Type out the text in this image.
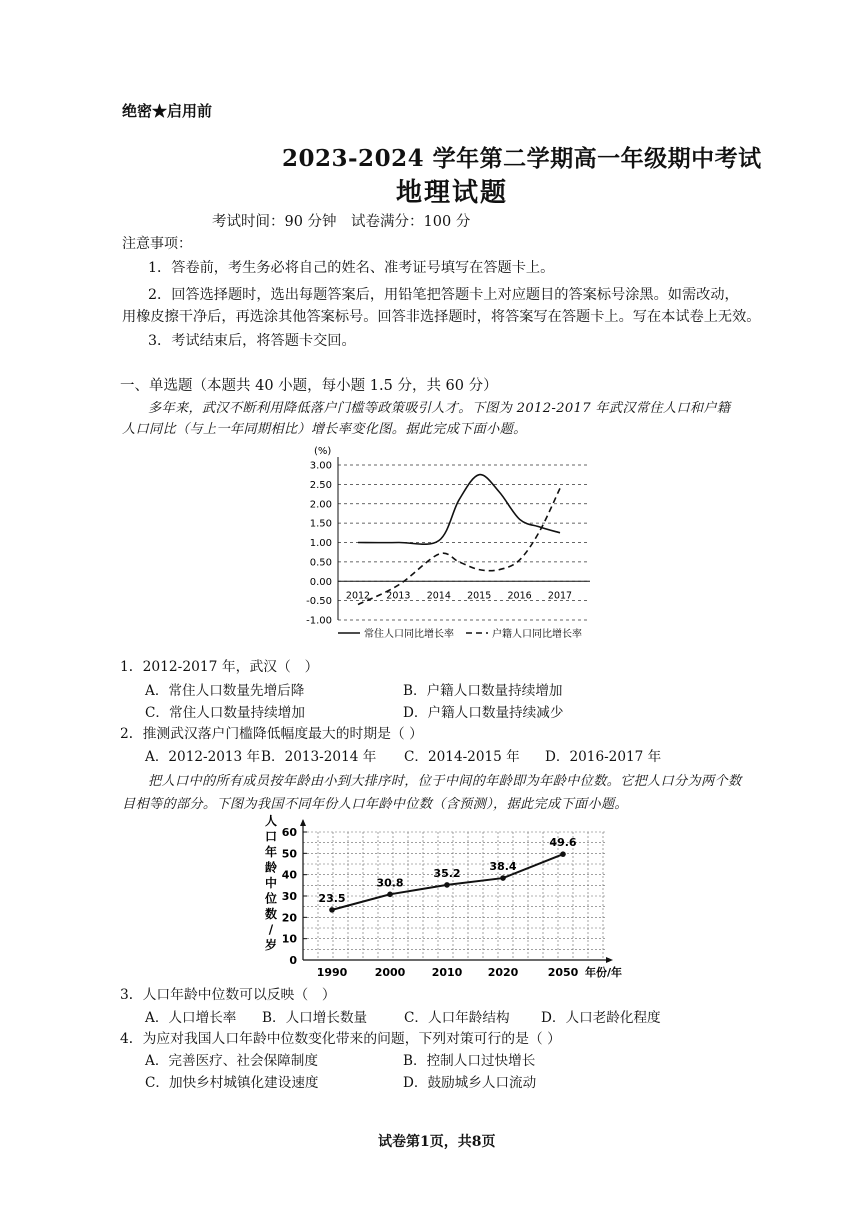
绝密★启用前
2023-2024 学年第二学期高一年级期中考试
地理试题
考试时间：90 分钟　试卷满分：100 分
注意事项：
1．答卷前，考生务必将自己的姓名、准考证号填写在答题卡上。
2．回答选择题时，选出每题答案后，用铅笔把答题卡上对应题目的答案标号涂黑。如需改动，
用橡皮擦干净后，再选涂其他答案标号。回答非选择题时，将答案写在答题卡上。写在本试卷上无效。
3．考试结束后，将答题卡交回。
一、单选题（本题共 40 小题，每小题 1.5 分，共 60 分）
多年来，武汉不断利用降低落户门槛等政策吸引人才。下图为 2012-2017 年武汉常住人口和户籍
人口同比（与上一年同期相比）增长率变化图。据此完成下面小题。
(%)
3.00
2.50
2.00
1.50
1.00
0.50
0.00
-0.50
-1.00
2012 2013 2014 2015 2016 2017
常住人口同比增长率	户籍人口同比增长率
1．2012-2017 年，武汉（　）
A．常住人口数量先增后降	B．户籍人口数量持续增加
C．常住人口数量持续增加	D．户籍人口数量持续减少
2．推测武汉落户门槛降低幅度最大的时期是（ ）
A．2012-2013 年 B．2013-2014 年 C．2014-2015 年 D．2016-2017 年
把人口中的所有成员按年龄由小到大排序时，位于中间的年龄即为年龄中位数。它把人口分为两个数
目相等的部分。下图为我国不同年份人口年龄中位数（含预测），据此完成下面小题。
60
50
40
30
20
10
0
人
口
年
龄
中
位
数
/
岁
1990 2000 2010 2020	2050 年份/年
23.5
30.8
35.2
38.4
49.6
3．人口年龄中位数可以反映（　）
A．人口增长率 B．人口增长数量	C．人口年龄结构 D．人口老龄化程度
4．为应对我国人口年龄中位数变化带来的问题，下列对策可行的是（ ）
A．完善医疗、社会保障制度	B．控制人口过快增长
C．加快乡村城镇化建设速度	D．鼓励城乡人口流动
试卷第1页，共8页
